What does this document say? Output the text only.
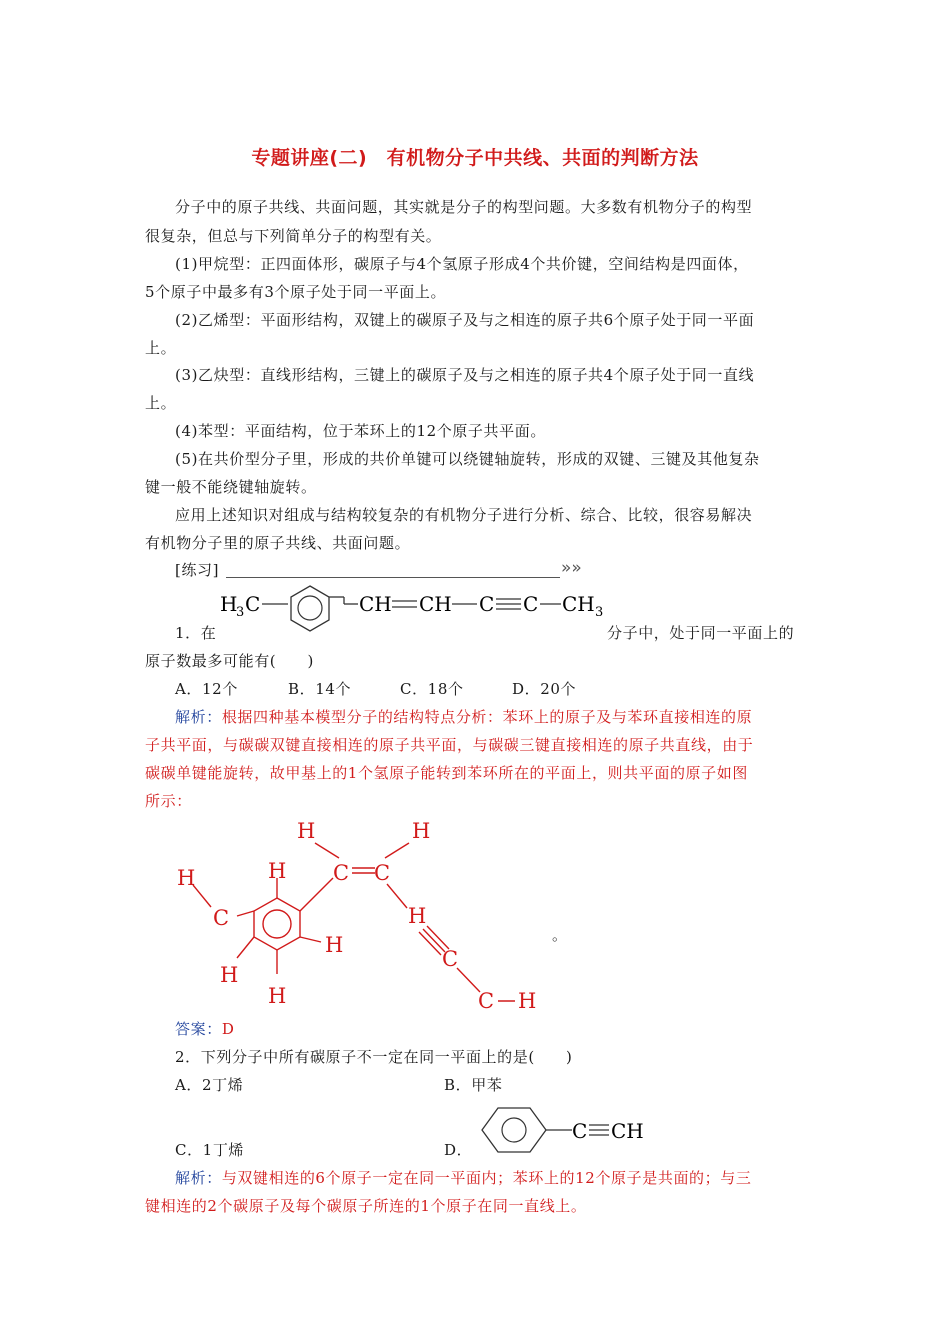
专题讲座(二)　有机物分子中共线、共面的判断方法
分子中的原子共线、共面问题，其实就是分子的构型问题。大多数有机物分子的构型
很复杂，但总与下列简单分子的构型有关。
(1)甲烷型：正四面体形，碳原子与4个氢原子形成4个共价键，空间结构是四面体，
5个原子中最多有3个原子处于同一平面上。
(2)乙烯型：平面形结构，双键上的碳原子及与之相连的原子共6个原子处于同一平面
上。
(3)乙炔型：直线形结构，三键上的碳原子及与之相连的原子共4个原子处于同一直线
上。
(4)苯型：平面结构，位于苯环上的12个原子共平面。
(5)在共价型分子里，形成的共价单键可以绕键轴旋转，形成的双键、三键及其他复杂
键一般不能绕键轴旋转。
应用上述知识对组成与结构较复杂的有机物分子进行分析、综合、比较，很容易解决
有机物分子里的原子共线、共面问题。
[练习]	»»
H
3 C	CH CH C C CH 3
1．在	分子中，处于同一平面上的
原子数最多可能有(　　)
A．12个	B．14个	C．18个	D．20个
解析：根据四种基本模型分子的结构特点分析：苯环上的原子及与苯环直接相连的原
子共平面，与碳碳双键直接相连的原子共平面，与碳碳三键直接相连的原子共直线，由于
碳碳单键能旋转，故甲基上的1个氢原子能转到苯环所在的平面上，则共平面的原子如图
所示：
H	H
C C
H	H
C
H
H
H
H
C
C H
。
答案：D
2．下列分子中所有碳原子不一定在同一平面上的是(　　)
A．2丁烯	B．甲苯
C CH
C．1丁烯	D．
解析：与双键相连的6个原子一定在同一平面内；苯环上的12个原子是共面的；与三
键相连的2个碳原子及每个碳原子所连的1个原子在同一直线上。
